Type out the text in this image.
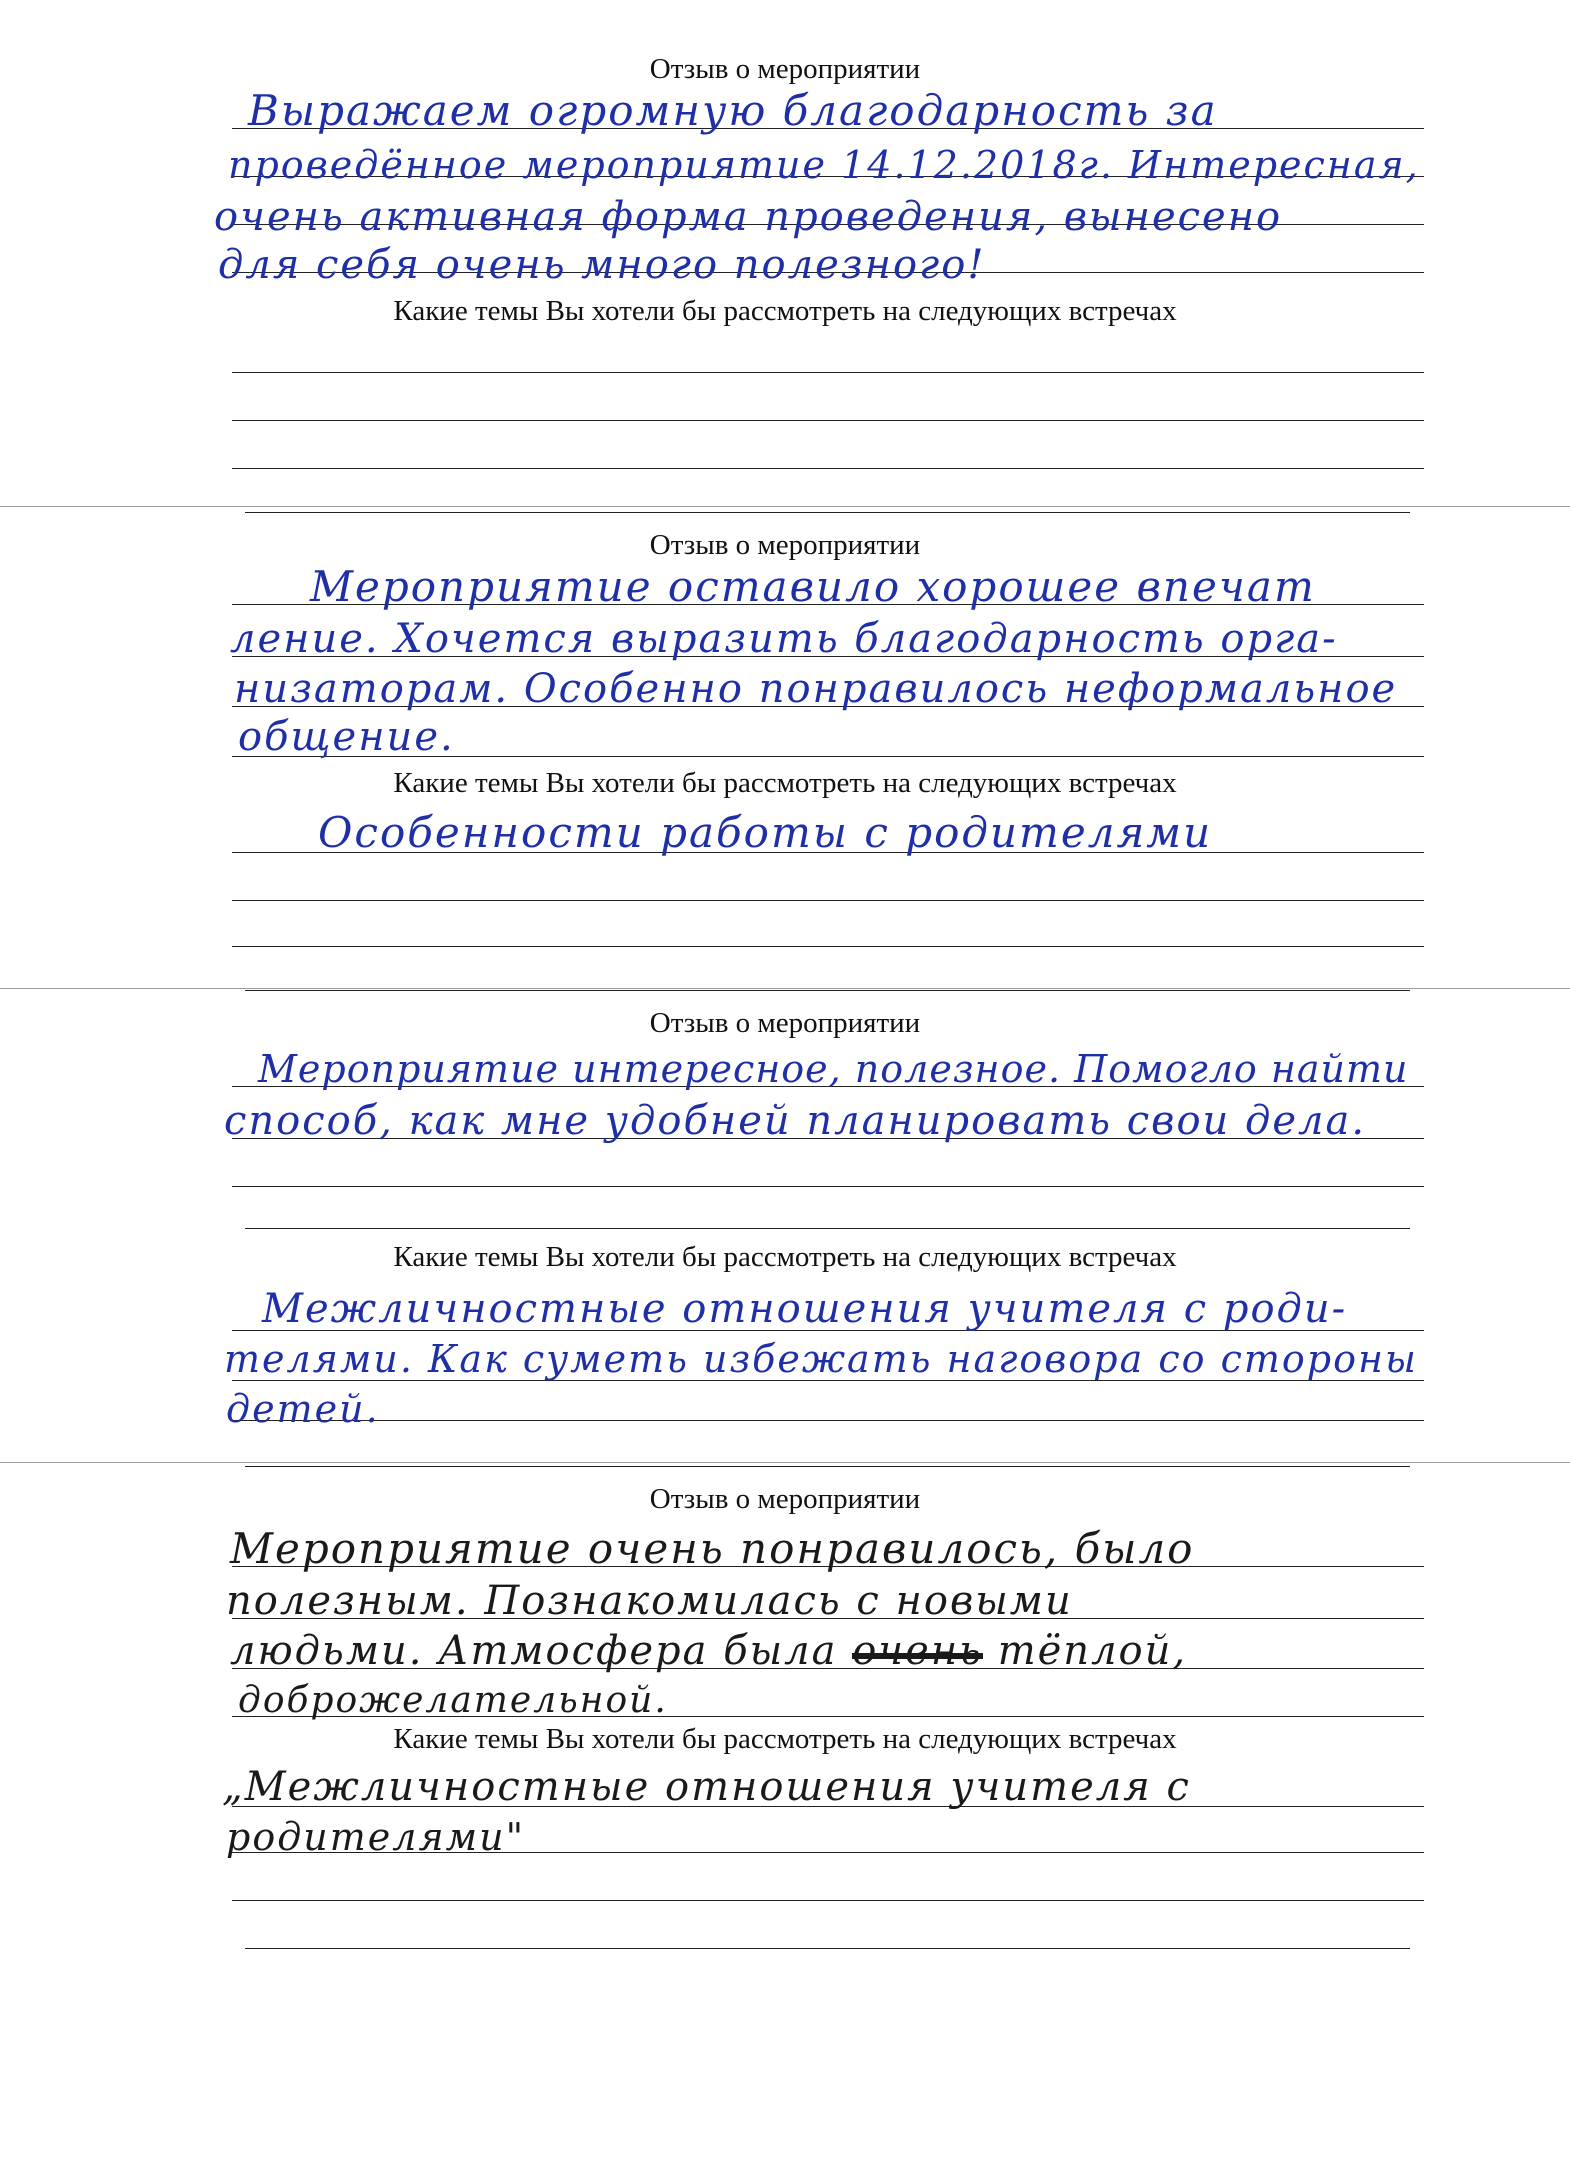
Отзыв о мероприятии
Выражаем огромную благодарность за
проведённое мероприятие 14.12.2018г. Интересная,
очень активная форма проведения, вынесено
для себя очень много полезного!
Какие темы Вы хотели бы рассмотреть на следующих встречах
Отзыв о мероприятии
Мероприятие оставило хорошее впечат
ление. Хочется выразить благодарность орга-
низаторам. Особенно понравилось неформальное
общение.
Какие темы Вы хотели бы рассмотреть на следующих встречах
Особенности работы с родителями
Отзыв о мероприятии
Мероприятие интересное, полезное. Помогло найти
способ, как мне удобней планировать свои дела.
Какие темы Вы хотели бы рассмотреть на следующих встречах
Межличностные отношения учителя с роди-
телями. Как суметь избежать наговора со стороны
детей.
Отзыв о мероприятии
Мероприятие очень понравилось, было
полезным. Познакомилась с новыми
людьми. Атмосфера была очень тёплой,
доброжелательной.
Какие темы Вы хотели бы рассмотреть на следующих встречах
„Межличностные отношения учителя с
родителями"
